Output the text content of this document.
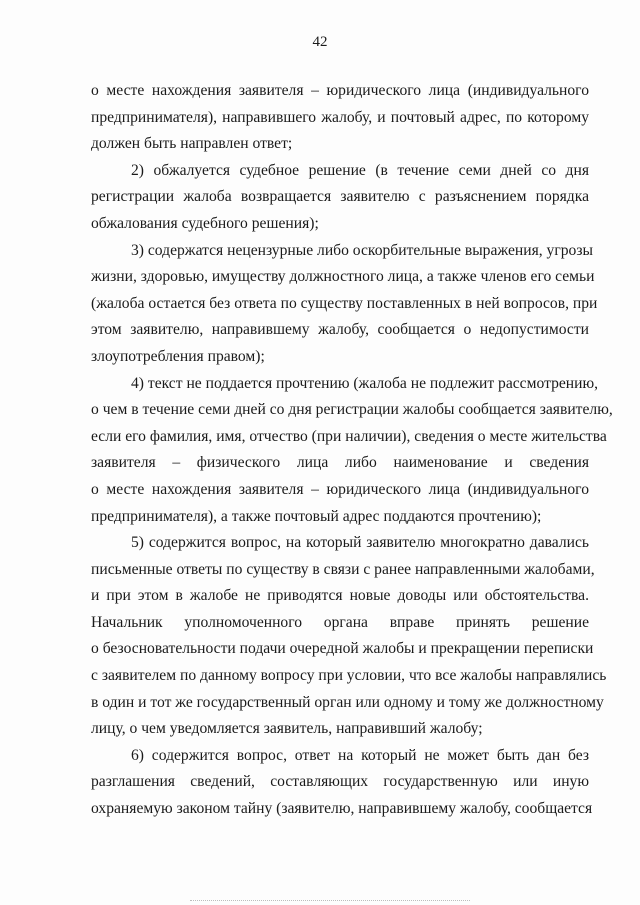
42
о месте нахождения заявителя – юридического лица (индивидуального
предпринимателя), направившего жалобу, и почтовый адрес, по которому
должен быть направлен ответ;
2) обжалуется судебное решение (в течение семи дней со дня
регистрации жалоба возвращается заявителю с разъяснением порядка
обжалования судебного решения);
3) содержатся нецензурные либо оскорбительные выражения, угрозы
жизни, здоровью, имуществу должностного лица, а также членов его семьи
(жалоба остается без ответа по существу поставленных в ней вопросов, при
этом заявителю, направившему жалобу, сообщается о недопустимости
злоупотребления правом);
4) текст не поддается прочтению (жалоба не подлежит рассмотрению,
о чем в течение семи дней со дня регистрации жалобы сообщается заявителю,
если его фамилия, имя, отчество (при наличии), сведения о месте жительства
заявителя – физического лица либо наименование и сведения
о месте нахождения заявителя – юридического лица (индивидуального
предпринимателя), а также почтовый адрес поддаются прочтению);
5) содержится вопрос, на который заявителю многократно давались
письменные ответы по существу в связи с ранее направленными жалобами,
и при этом в жалобе не приводятся новые доводы или обстоятельства.
Начальник уполномоченного органа вправе принять решение
о безосновательности подачи очередной жалобы и прекращении переписки
с заявителем по данному вопросу при условии, что все жалобы направлялись
в один и тот же государственный орган или одному и тому же должностному
лицу, о чем уведомляется заявитель, направивший жалобу;
6) содержится вопрос, ответ на который не может быть дан без
разглашения сведений, составляющих государственную или иную
охраняемую законом тайну (заявителю, направившему жалобу, сообщается
